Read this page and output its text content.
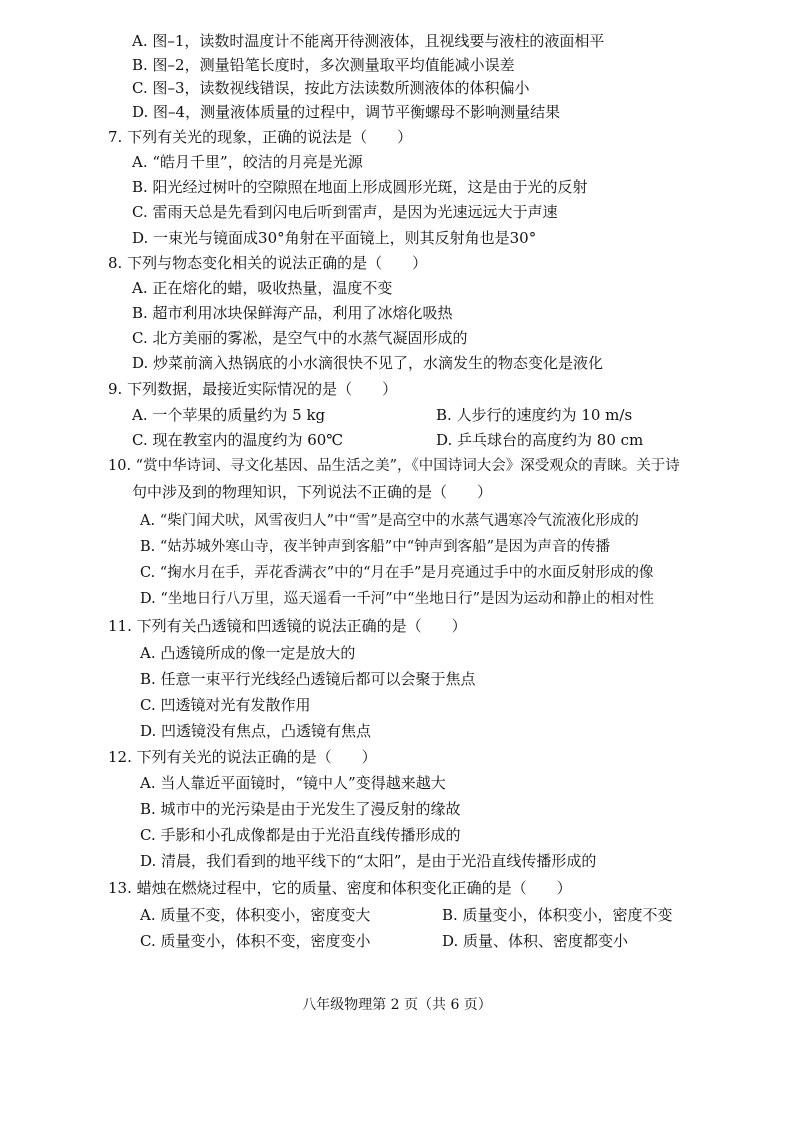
A. 图–1，读数时温度计不能离开待测液体，且视线要与液柱的液面相平
B. 图–2，测量铅笔长度时，多次测量取平均值能减小误差
C. 图–3，读数视线错误，按此方法读数所测液体的体积偏小
D. 图–4，测量液体质量的过程中，调节平衡螺母不影响测量结果
7. 下列有关光的现象，正确的说法是（　　）
A. “皓月千里”，皎洁的月亮是光源
B. 阳光经过树叶的空隙照在地面上形成圆形光斑，这是由于光的反射
C. 雷雨天总是先看到闪电后听到雷声，是因为光速远远大于声速
D. 一束光与镜面成30°角射在平面镜上，则其反射角也是30°
8. 下列与物态变化相关的说法正确的是（　　）
A. 正在熔化的蜡，吸收热量，温度不变
B. 超市利用冰块保鲜海产品，利用了冰熔化吸热
C. 北方美丽的雾凇，是空气中的水蒸气凝固形成的
D. 炒菜前滴入热锅底的小水滴很快不见了，水滴发生的物态变化是液化
9. 下列数据，最接近实际情况的是（　　）
A. 一个苹果的质量约为 5 kg	B. 人步行的速度约为 10 m/s
C. 现在教室内的温度约为 60℃	D. 乒乓球台的高度约为 80 cm
10. “赏中华诗词、寻文化基因、品生活之美”，《中国诗词大会》深受观众的青睐。关于诗
句中涉及到的物理知识，下列说法不正确的是（　　）
A. “柴门闻犬吠，风雪夜归人”中“雪”是高空中的水蒸气遇寒冷气流液化形成的
B. “姑苏城外寒山寺，夜半钟声到客船”中“钟声到客船”是因为声音的传播
C. “掬水月在手，弄花香满衣”中的“月在手”是月亮通过手中的水面反射形成的像
D. “坐地日行八万里，巡天遥看一千河”中“坐地日行”是因为运动和静止的相对性
11. 下列有关凸透镜和凹透镜的说法正确的是（　　）
A. 凸透镜所成的像一定是放大的
B. 任意一束平行光线经凸透镜后都可以会聚于焦点
C. 凹透镜对光有发散作用
D. 凹透镜没有焦点，凸透镜有焦点
12. 下列有关光的说法正确的是（　　）
A. 当人靠近平面镜时，“镜中人”变得越来越大
B. 城市中的光污染是由于光发生了漫反射的缘故
C. 手影和小孔成像都是由于光沿直线传播形成的
D. 清晨，我们看到的地平线下的“太阳”，是由于光沿直线传播形成的
13. 蜡烛在燃烧过程中，它的质量、密度和体积变化正确的是（　　）
A. 质量不变，体积变小，密度变大	B. 质量变小，体积变小，密度不变
C. 质量变小，体积不变，密度变小	D. 质量、体积、密度都变小
八年级物理第 2 页（共 6 页）
